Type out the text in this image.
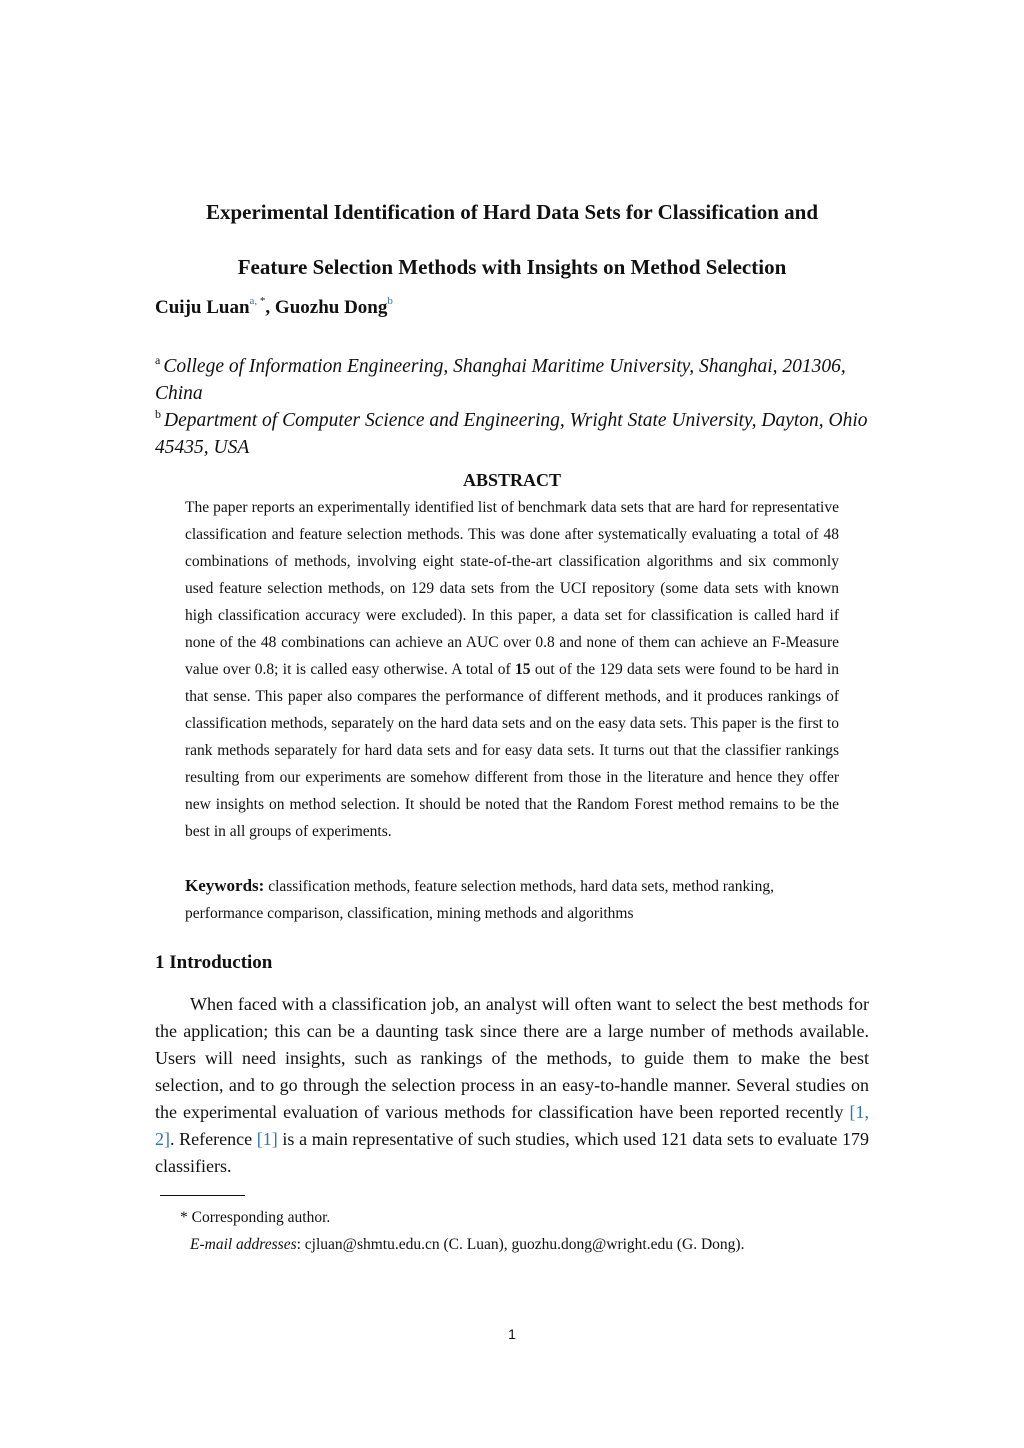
Experimental Identification of Hard Data Sets for Classification and
Feature Selection Methods with Insights on Method Selection
Cuiju Luan$^{a,}$ *, Guozhu Dong$^b$
$^a$ College of Information Engineering, Shanghai Maritime University, Shanghai, 201306, China
$^b$ Department of Computer Science and Engineering, Wright State University, Dayton, Ohio 45435, USA
ABSTRACT
The paper reports an experimentally identified list of benchmark data sets that are hard for representative classification and feature selection methods. This was done after systematically evaluating a total of 48 combinations of methods, involving eight state-of-the-art classification algorithms and six commonly used feature selection methods, on 129 data sets from the UCI repository (some data sets with known high classification accuracy were excluded). In this paper, a data set for classification is called hard if none of the 48 combinations can achieve an AUC over 0.8 and none of them can achieve an F-Measure value over 0.8; it is called easy otherwise. A total of 15 out of the 129 data sets were found to be hard in that sense. This paper also compares the performance of different methods, and it produces rankings of classification methods, separately on the hard data sets and on the easy data sets. This paper is the first to rank methods separately for hard data sets and for easy data sets. It turns out that the classifier rankings resulting from our experiments are somehow different from those in the literature and hence they offer new insights on method selection. It should be noted that the Random Forest method remains to be the best in all groups of experiments.
Keywords: classification methods, feature selection methods, hard data sets, method ranking, performance comparison, classification, mining methods and algorithms
1 Introduction

When faced with a classification job, an analyst will often want to select the best methods for the application; this can be a daunting task since there are a large number of methods available. Users will need insights, such as rankings of the methods, to guide them to make the best selection, and to go through the selection process in an easy-to-handle manner. Several studies on the experimental evaluation of various methods for classification have been reported recently [1, 2]. Reference [1] is a main representative of such studies, which used 121 data sets to evaluate 179 classifiers.

* Corresponding author.
E-mail addresses: cjluan@shmtu.edu.cn (C. Luan), guozhu.dong@wright.edu (G. Dong).
1
